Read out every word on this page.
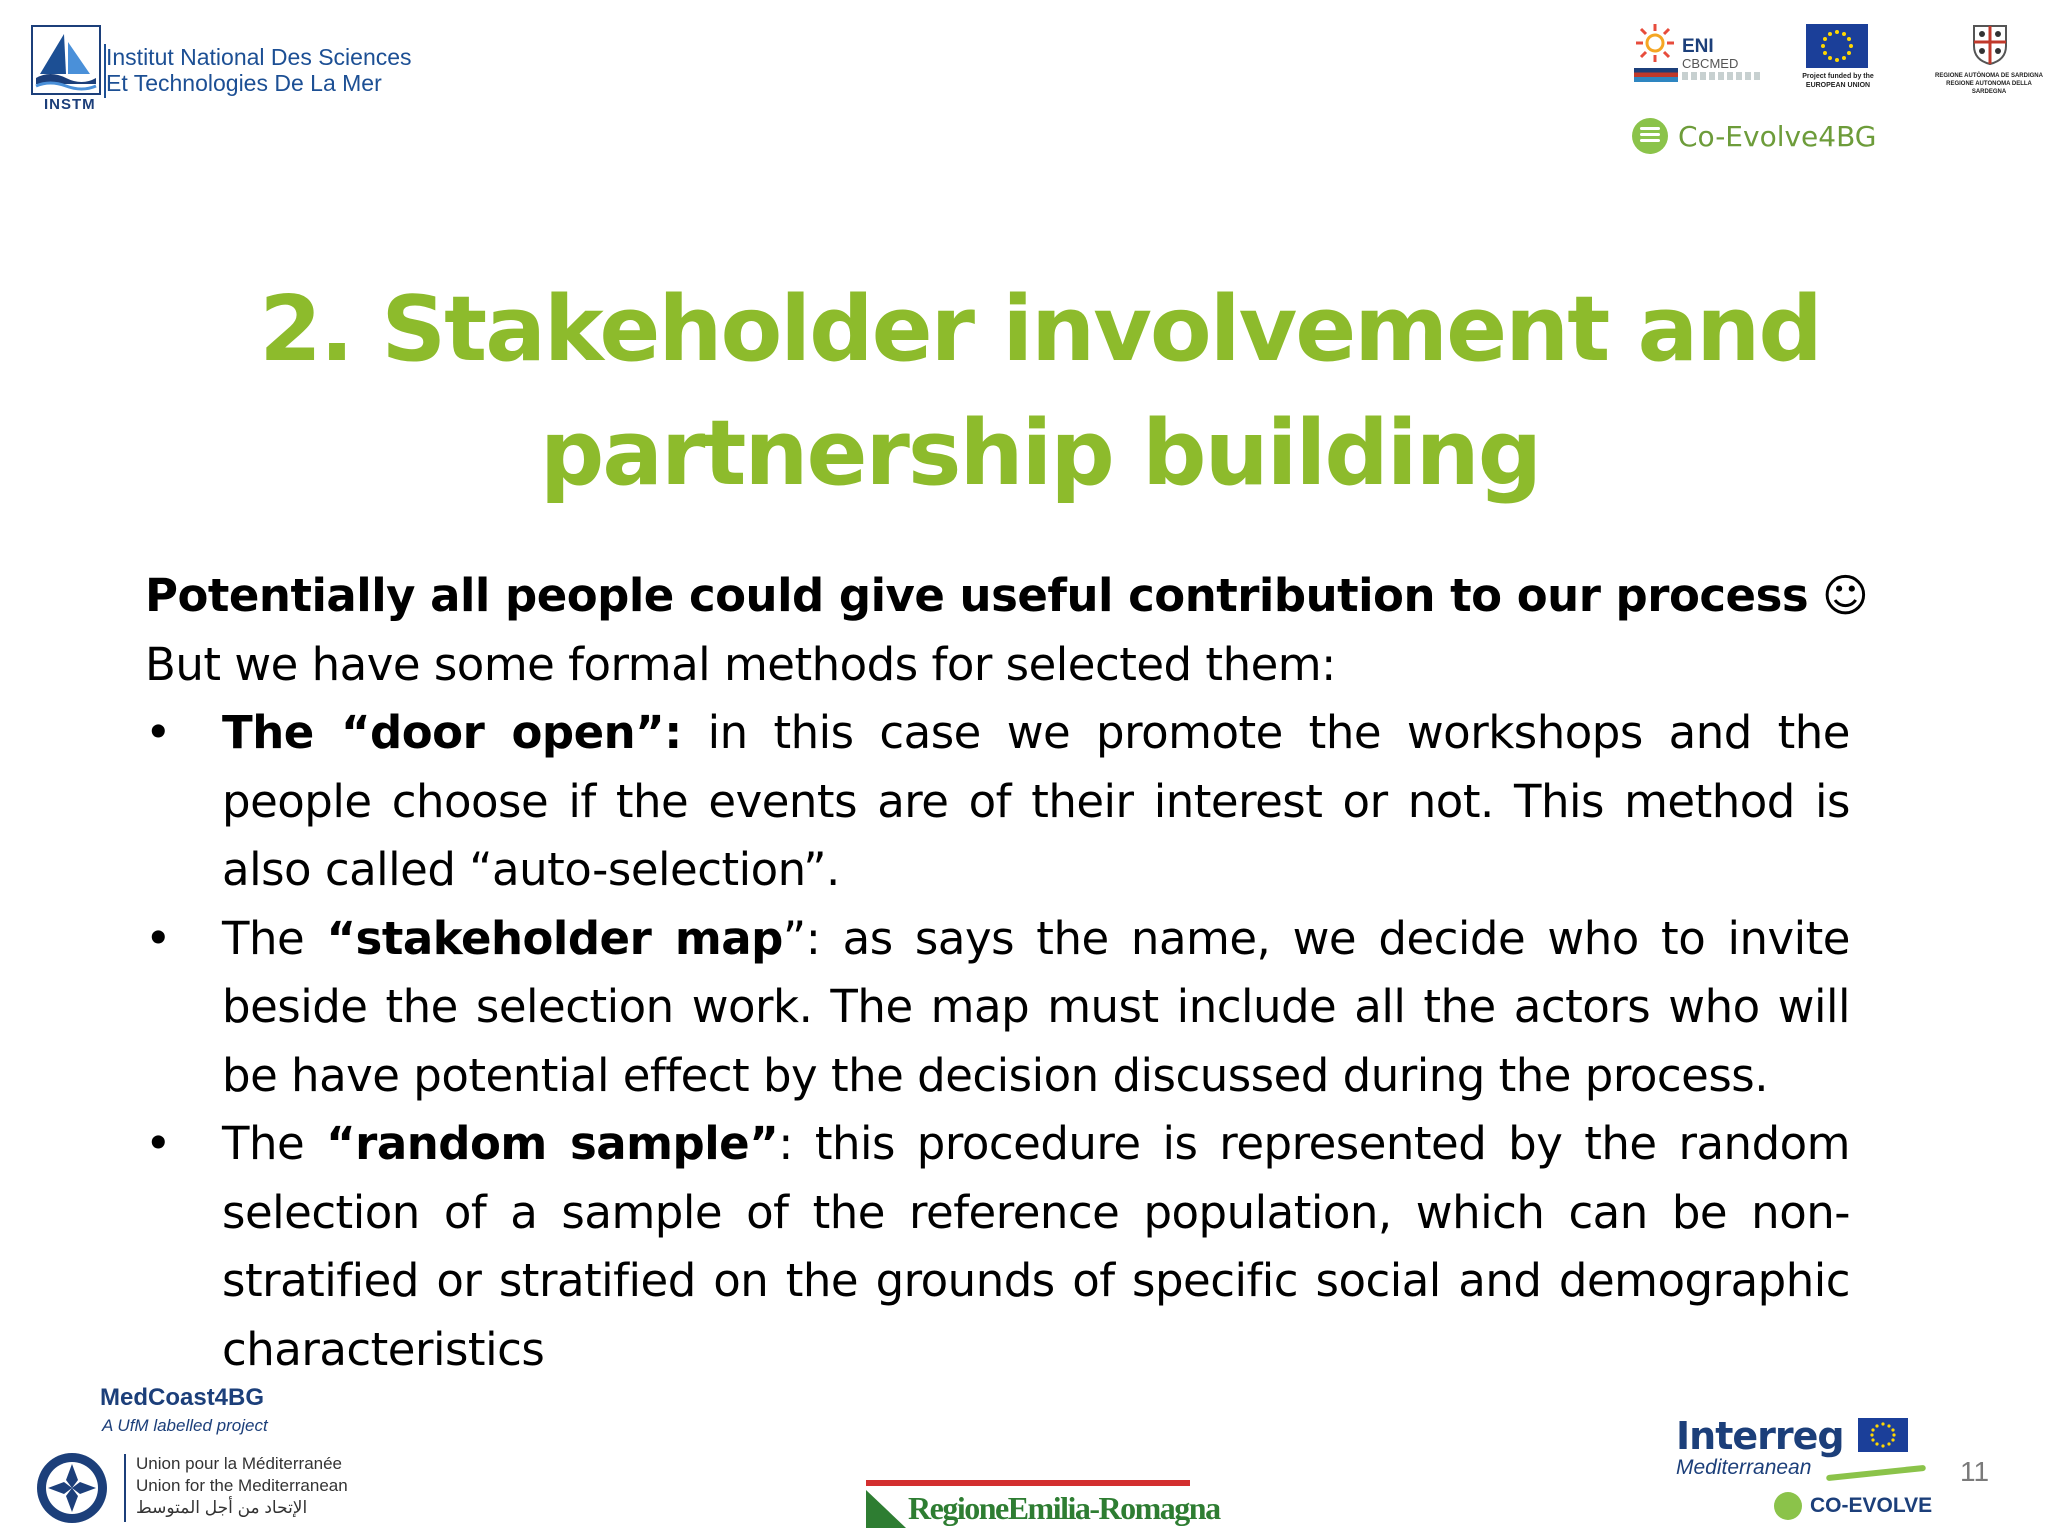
Institut National Des Sciences
Et Technologies De La Mer
INSTM
ENI
CBCMED
Project funded by the EUROPEAN UNION
REGIONE AUTÒNOMA DE SARDIGNA REGIONE AUTONOMA DELLA SARDEGNA
Co-Evolve4BG
2. Stakeholder involvement and
partnership building
Potentially all people could give useful contribution to our process ☺
But we have some formal methods for selected them:
• The “door open”: in this case we promote the workshops and the people choose if the events are of their interest or not. This method is also called “auto-selection”.
• The “stakeholder map”: as says the name, we decide who to invite beside the selection work. The map must include all the actors who will be have potential effect by the decision discussed during the process.
• The “random sample”: this procedure is represented by the random selection of a sample of the reference population, which can be non-stratified or stratified on the grounds of specific social and demographic characteristics
MedCoast4BG
A UfM labelled project
Union pour la Méditerranée
Union for the Mediterranean
الإتحاد من أجل المتوسط	RegioneEmilia-Romagna
Interreg
Mediterranean
CO-EVOLVE
11
